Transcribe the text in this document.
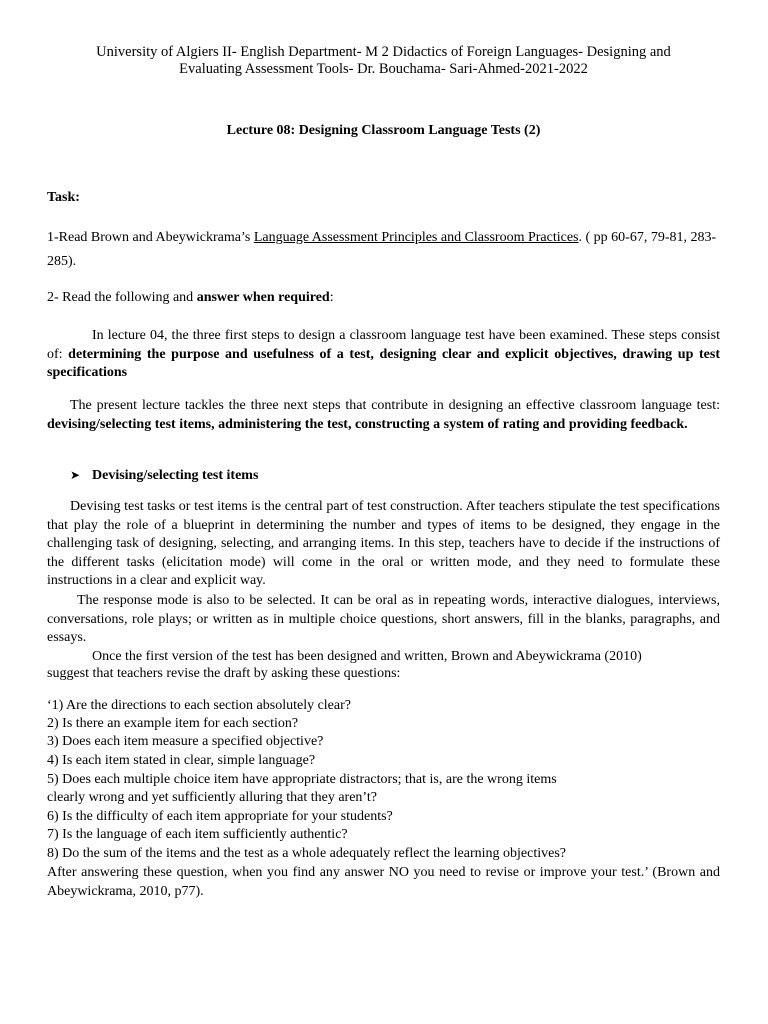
University of Algiers II- English Department- M 2 Didactics of Foreign Languages- Designing and
Evaluating Assessment Tools- Dr. Bouchama- Sari-Ahmed-2021-2022
Lecture 08: Designing Classroom Language Tests (2)
Task:

1-Read Brown and Abeywickrama’s Language Assessment Principles and Classroom Practices. ( pp 60-67, 79-81, 283-285).

2- Read the following and answer when required:

In lecture 04, the three first steps to design a classroom language test have been examined. These steps consist of: determining the purpose and usefulness of a test, designing clear and explicit objectives, drawing up test specifications

The present lecture tackles the three next steps that contribute in designing an effective classroom language test: devising/selecting test items, administering the test, constructing a system of rating and providing feedback.

➤ Devising/selecting test items

Devising test tasks or test items is the central part of test construction. After teachers stipulate the test specifications that play the role of a blueprint in determining the number and types of items to be designed, they engage in the challenging task of designing, selecting, and arranging items. In this step, teachers have to decide if the instructions of the different tasks (elicitation mode) will come in the oral or written mode, and they need to formulate these instructions in a clear and explicit way.

The response mode is also to be selected. It can be oral as in repeating words, interactive dialogues, interviews, conversations, role plays; or written as in multiple choice questions, short answers, fill in the blanks, paragraphs, and essays.

Once the first version of the test has been designed and written, Brown and Abeywickrama (2010)
suggest that teachers revise the draft by asking these questions:
‘1) Are the directions to each section absolutely clear?
2) Is there an example item for each section?
3) Does each item measure a specified objective?
4) Is each item stated in clear, simple language?
5) Does each multiple choice item have appropriate distractors; that is, are the wrong items
clearly wrong and yet sufficiently alluring that they aren’t?
6) Is the difficulty of each item appropriate for your students?
7) Is the language of each item sufficiently authentic?
8) Do the sum of the items and the test as a whole adequately reflect the learning objectives?

After answering these question, when you find any answer NO you need to revise or improve your test.’ (Brown and Abeywickrama, 2010, p77).
